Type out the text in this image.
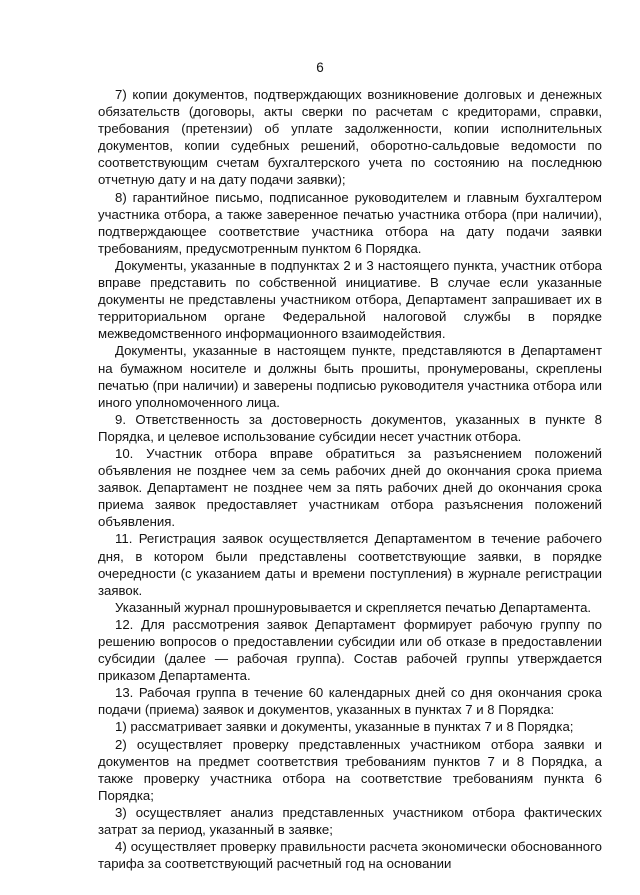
6

7) копии документов, подтверждающих возникновение долговых и денежных обязательств (договоры, акты сверки по расчетам с кредиторами, справки, требования (претензии) об уплате задолженности, копии исполнительных документов, копии судебных решений, оборотно-сальдовые ведомости по соответствующим счетам бухгалтерского учета по состоянию на последнюю отчетную дату и на дату подачи заявки);

8) гарантийное письмо, подписанное руководителем и главным бухгалтером участника отбора, а также заверенное печатью участника отбора (при наличии), подтверждающее соответствие участника отбора на дату подачи заявки требованиям, предусмотренным пунктом 6 Порядка.

Документы, указанные в подпунктах 2 и 3 настоящего пункта, участник отбора вправе представить по собственной инициативе. В случае если указанные документы не представлены участником отбора, Департамент запрашивает их в территориальном органе Федеральной налоговой службы в порядке межведомственного информационного взаимодействия.

Документы, указанные в настоящем пункте, представляются в Департамент на бумажном носителе и должны быть прошиты, пронумерованы, скреплены печатью (при наличии) и заверены подписью руководителя участника отбора или иного уполномоченного лица.

9. Ответственность за достоверность документов, указанных в пункте 8 Порядка, и целевое использование субсидии несет участник отбора.

10. Участник отбора вправе обратиться за разъяснением положений объявления не позднее чем за семь рабочих дней до окончания срока приема заявок. Департамент не позднее чем за пять рабочих дней до окончания срока приема заявок предоставляет участникам отбора разъяснения положений объявления.

11. Регистрация заявок осуществляется Департаментом в течение рабочего дня, в котором были представлены соответствующие заявки, в порядке очередности (с указанием даты и времени поступления) в журнале регистрации заявок.

Указанный журнал прошнуровывается и скрепляется печатью Департамента.

12. Для рассмотрения заявок Департамент формирует рабочую группу по решению вопросов о предоставлении субсидии или об отказе в предоставлении субсидии (далее — рабочая группа). Состав рабочей группы утверждается приказом Департамента.

13. Рабочая группа в течение 60 календарных дней со дня окончания срока подачи (приема) заявок и документов, указанных в пунктах 7 и 8 Порядка:

1) рассматривает заявки и документы, указанные в пунктах 7 и 8 Порядка;

2) осуществляет проверку представленных участником отбора заявки и документов на предмет соответствия требованиям пунктов 7 и 8 Порядка, а также проверку участника отбора на соответствие требованиям пункта 6 Порядка;

3) осуществляет анализ представленных участником отбора фактических затрат за период, указанный в заявке;

4) осуществляет проверку правильности расчета экономически обоснованного тарифа за соответствующий расчетный год на основании
